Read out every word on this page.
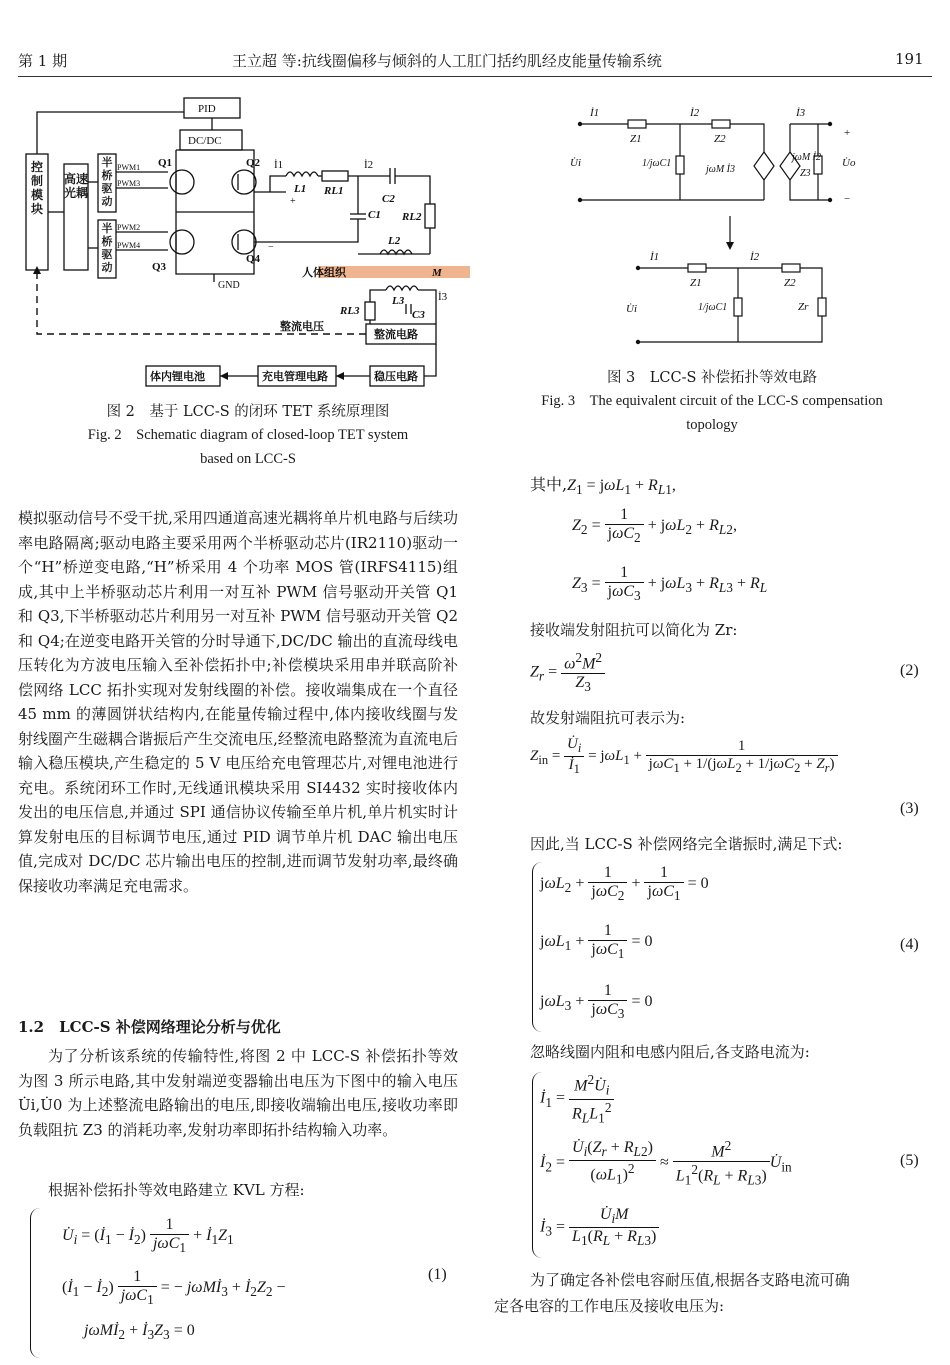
第 1 期	王立超 等:抗线圈偏移与倾斜的人工肛门括约肌经皮能量传输系统	191
PID
DC/DC
GND
PWM1
PWM3
PWM2
PWM4
Q1	Q2
Q3
Q4
İ1	İ2
İ3
L1 RL1
C2
C1 RL2
L2
L3
C3
RL3
M
+
−
人体组织
整流电压
整流电路
稳压电路
充电管理电路
体内锂电池
控制模块
高速光耦
半桥驱动
半桥驱动
图 2　基于 LCC-S 的闭环 TET 系统原理图
Fig. 2　Schematic diagram of closed-loop TET system
based on LCC-S
İ1	İ2	İ3
Z1	Z2
U̇i	1/jωC1
jωM İ3
jωM İ2
Z3
U̇o
+
−
İ1	İ2
Z1	Z2
U̇i	1/jωC1	Zr
图 3　LCC-S 补偿拓扑等效电路
Fig. 3　The equivalent circuit of the LCC-S compensation
topology

模拟驱动信号不受干扰,采用四通道高速光耦将单片机电路与后续功率电路隔离;驱动电路主要采用两个半桥驱动芯片(IR2110)驱动一个“H”桥逆变电路,“H”桥采用 4 个功率 MOS 管(IRFS4115)组成,其中上半桥驱动芯片利用一对互补 PWM 信号驱动开关管 Q1 和 Q3,下半桥驱动芯片利用另一对互补 PWM 信号驱动开关管 Q2 和 Q4;在逆变电路开关管的分时导通下,DC/DC 输出的直流母线电压转化为方波电压输入至补偿拓扑中;补偿模块采用串并联高阶补偿网络 LCC 拓扑实现对发射线圈的补偿。接收端集成在一个直径 45 mm 的薄圆饼状结构内,在能量传输过程中,体内接收线圈与发射线圈产生磁耦合谐振后产生交流电压,经整流电路整流为直流电后输入稳压模块,产生稳定的 5 V 电压给充电管理芯片,对锂电池进行充电。系统闭环工作时,无线通讯模块采用 SI4432 实时接收体内发出的电压信息,并通过 SPI 通信协议传输至单片机,单片机实时计算发射电压的目标调节电压,通过 PID 调节单片机 DAC 输出电压值,完成对 DC/DC 芯片输出电压的控制,进而调节发射功率,最终确保接收功率满足充电需求。

1.2　LCC-S 补偿网络理论分析与优化
为了分析该系统的传输特性,将图 2 中 LCC-S 补偿拓扑等效为图 3 所示电路,其中发射端逆变器输出电压为下图中的输入电压 U̇i,U̇0 为上述整流电路输出的电压,即接收端输出电压,接收功率即负载阻抗 Z3 的消耗功率,发射功率即拓扑结构输入功率。
根据补偿拓扑等效电路建立 KVL 方程:
$U̇_i$ = ($İ_1$ − $İ_2) \frac{1}{j\omega C_1}$ + $İ_1Z_1$
($İ_1$ − $İ_2) \frac{1}{j\omega C_1}$ = − jωMİ$_3$ + $İ_2Z_2$ −
jωMİ$_2$ + $İ_3Z_3 = 0$
(1)
其中$,Z_1 = j\omega L_1 + R_{L1}$,
$Z_2 = \frac{1}{j\omega C_2} + j\omega L_2 + R_{L2}$,
$Z_3 = \frac{1}{j\omega C_3} + j\omega L_3 + R_{L3} + R_L$
接收端发射阻抗可以简化为 Zr:
$Z_r = \frac{\omega^2M^2}{Z_3}$	(2)
故发射端阻抗可表示为:
$Z_{in} = \frac{U̇_i}{İ_1} = j\omega L_1 + \frac{1}{j\omega C_1 + 1/(j\omega L_2 + 1/j\omega C_2 + Z_r)}$
(3)
因此,当 LCC-S 补偿网络完全谐振时,满足下式:
$j\omega L_2 + \frac{1}{j\omega C_2} + \frac{1}{j\omega C_1} = 0$
$j\omega L_1 + \frac{1}{j\omega C_1} = 0$
$j\omega L_3 + \frac{1}{j\omega C_3} = 0$
(4)
忽略线圈内阻和电感内阻后,各支路电流为:
$İ_1 = \frac{M^2U̇_i}{R_LL_1^2}$
$İ_2 = \frac{U̇_i(Z_r + R_{L2})}{(\omega L_1)^2} \approx \frac{M^2}{L_1^2(R_L + R_{L3})}$ $U̇_{in}$
$İ_3 = \frac{U̇_iM}{L_1(R_L + R_{L3})}$
(5)
为了确定各补偿电容耐压值,根据各支路电流可确
定各电容的工作电压及接收电压为:
